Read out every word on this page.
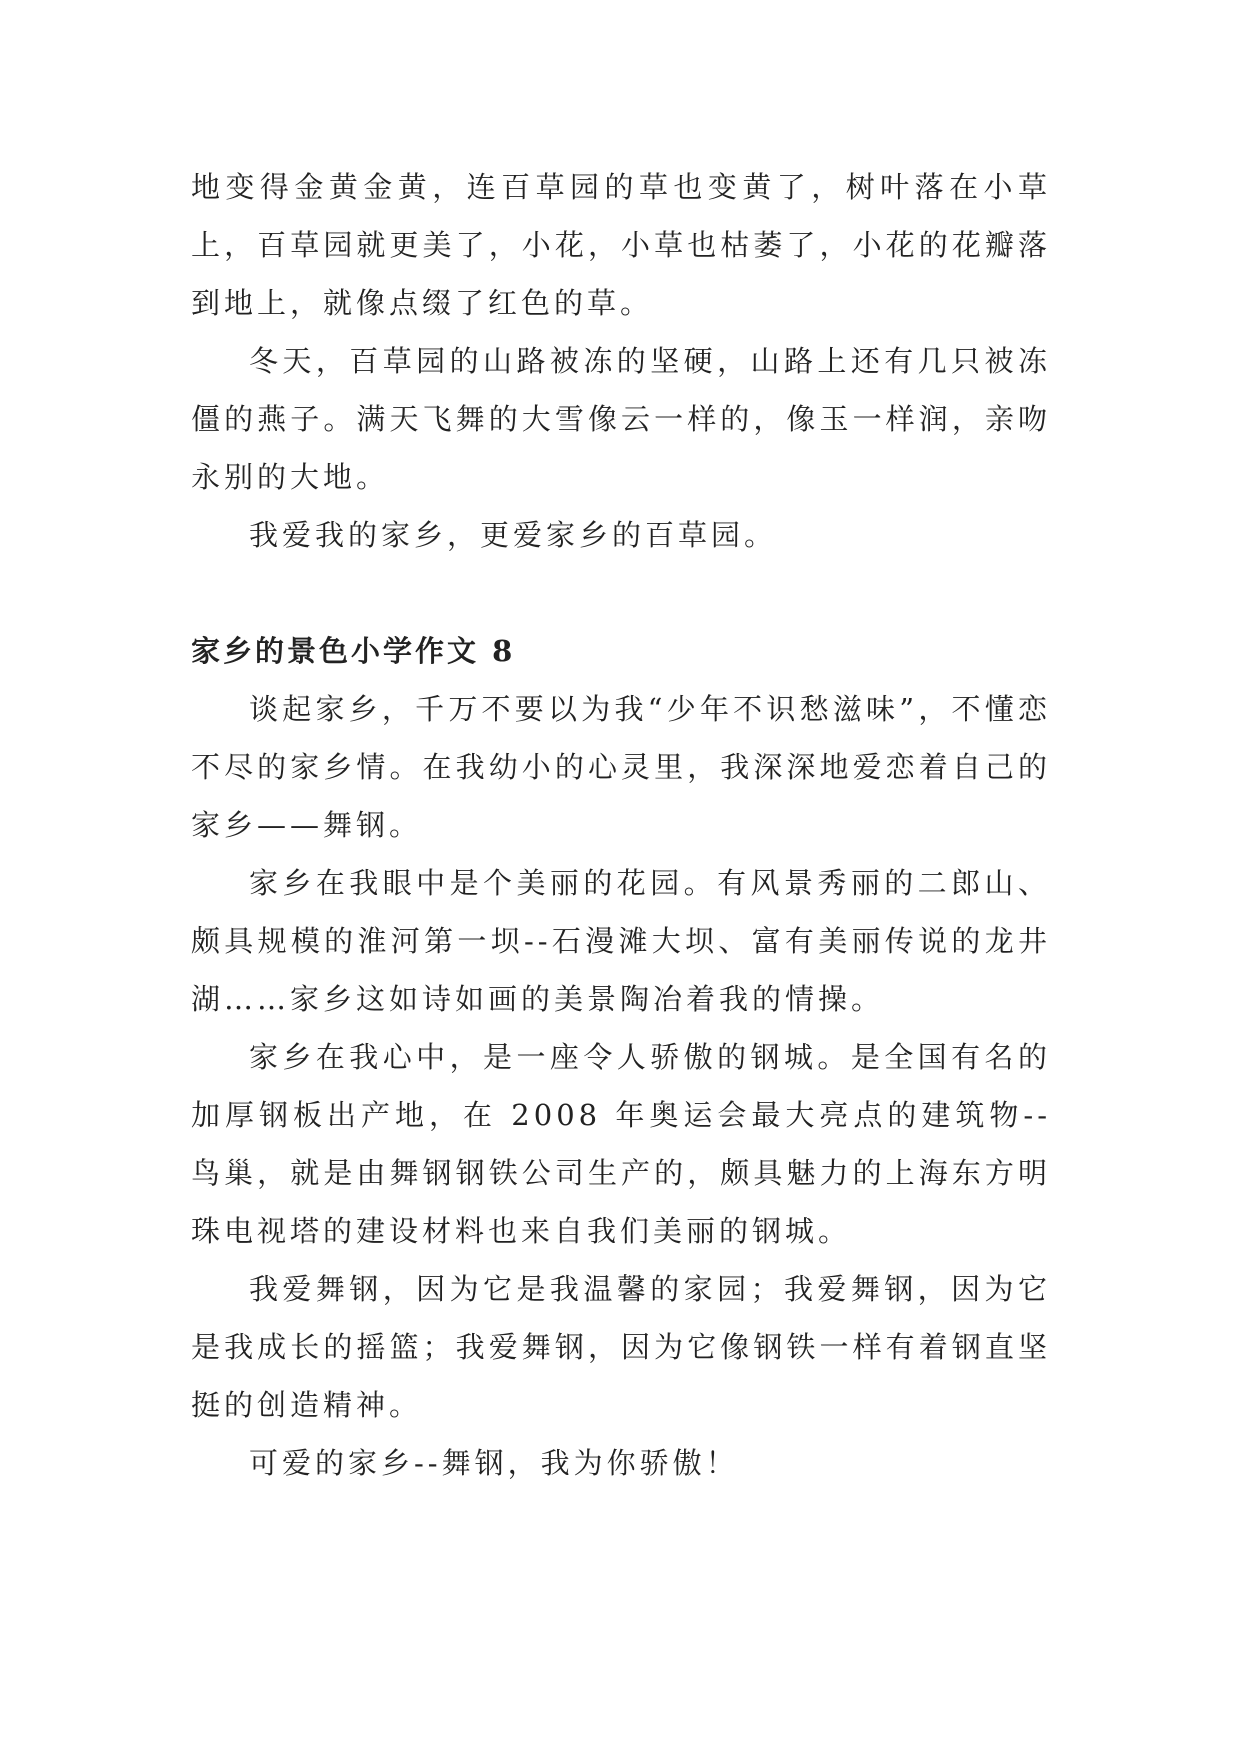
地变得金黄金黄，连百草园的草也变黄了，树叶落在小草上，百草园就更美了，小花，小草也枯萎了，小花的花瓣落到地上，就像点缀了红色的草。

冬天，百草园的山路被冻的坚硬，山路上还有几只被冻僵的燕子。满天飞舞的大雪像云一样的，像玉一样润，亲吻永别的大地。

我爱我的家乡，更爱家乡的百草园。

家乡的景色小学作文 8

谈起家乡，千万不要以为我“少年不识愁滋味”，不懂恋不尽的家乡情。在我幼小的心灵里，我深深地爱恋着自己的家乡——舞钢。

家乡在我眼中是个美丽的花园。有风景秀丽的二郎山、颇具规模的淮河第一坝--石漫滩大坝、富有美丽传说的龙井湖……家乡这如诗如画的美景陶冶着我的情操。

家乡在我心中，是一座令人骄傲的钢城。是全国有名的加厚钢板出产地，在 2008 年奥运会最大亮点的建筑物--鸟巢，就是由舞钢钢铁公司生产的，颇具魅力的上海东方明珠电视塔的建设材料也来自我们美丽的钢城。

我爱舞钢，因为它是我温馨的家园；我爱舞钢，因为它是我成长的摇篮；我爱舞钢，因为它像钢铁一样有着钢直坚挺的创造精神。

可爱的家乡--舞钢，我为你骄傲！
